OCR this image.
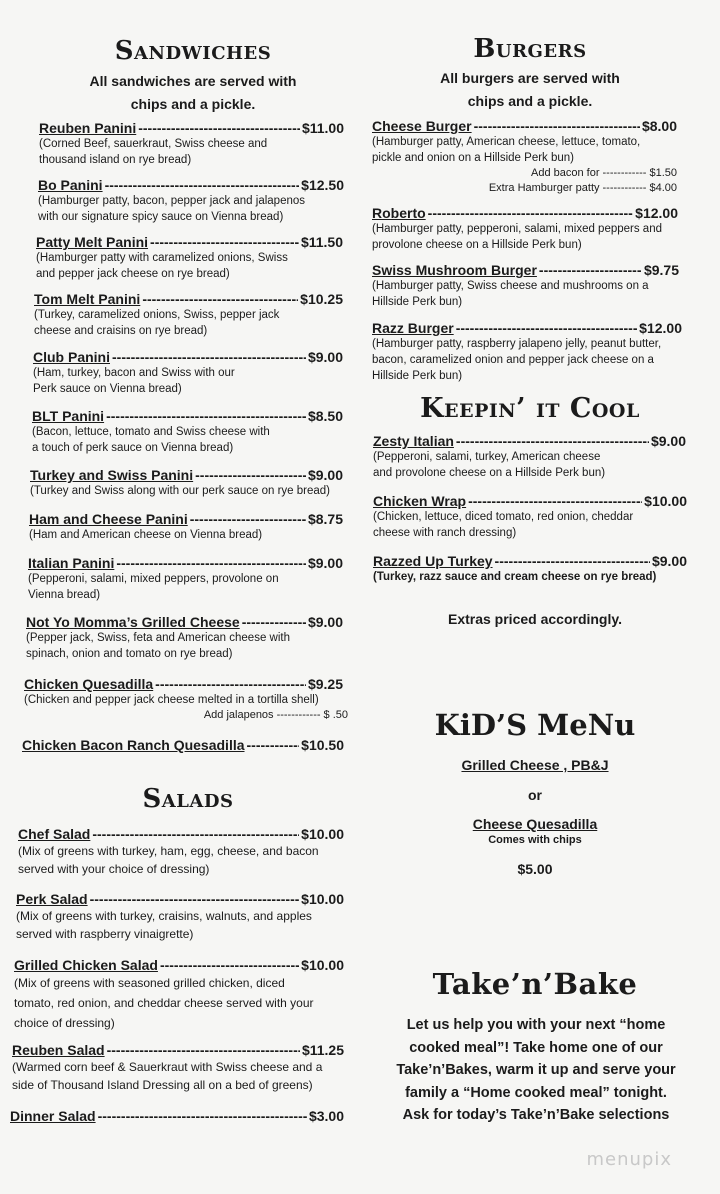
Sandwiches
All sandwiches are served with
chips and a pickle.
Reuben Panini -----	$11.00
(Corned Beef, sauerkraut, Swiss cheese and
thousand island on rye bread)
Bo Panini -----	$12.50
(Hamburger patty, bacon, pepper jack and jalapenos
with our signature spicy sauce on Vienna bread)
Patty Melt Panini -----	$11.50
(Hamburger patty with caramelized onions, Swiss
and pepper jack cheese on rye bread)
Tom Melt Panini -----	$10.25
(Turkey, caramelized onions, Swiss, pepper jack
cheese and craisins on rye bread)
Club Panini -----	$9.00
(Ham, turkey, bacon and Swiss with our
Perk sauce on Vienna bread)
BLT Panini -----	$8.50
(Bacon, lettuce, tomato and Swiss cheese with
a touch of perk sauce on Vienna bread)
Turkey and Swiss Panini -----	$9.00
(Turkey and Swiss along with our perk sauce on rye bread)
Ham and Cheese Panini -----	$8.75
(Ham and American cheese on Vienna bread)
Italian Panini -----	$9.00
(Pepperoni, salami, mixed peppers, provolone on
Vienna bread)
Not Yo Momma’s Grilled Cheese -----	$9.00
(Pepper jack, Swiss, feta and American cheese with
spinach, onion and tomato on rye bread)
Chicken Quesadilla -----	$9.25
(Chicken and pepper jack cheese melted in a tortilla shell)
Add jalapenos -----	$ .50
Chicken Bacon Ranch Quesadilla -----	$10.50
Salads
Chef Salad -----	$10.00
(Mix of greens with turkey, ham, egg, cheese, and bacon
served with your choice of dressing)
Perk Salad -----	$10.00
(Mix of greens with turkey, craisins, walnuts, and apples
served with raspberry vinaigrette)
Grilled Chicken Salad -----	$10.00
(Mix of greens with seasoned grilled chicken, diced
tomato, red onion, and cheddar cheese served with your
choice of dressing)
Reuben Salad -----	$11.25
(Warmed corn beef & Sauerkraut with Swiss cheese and a
side of Thousand Island Dressing all on a bed of greens)
Dinner Salad -----	$3.00
Burgers
All burgers are served with
chips and a pickle.
Cheese Burger -----	$8.00
(Hamburger patty, American cheese, lettuce, tomato,
pickle and onion on a Hillside Perk bun)
Add bacon for -----	$1.50
Extra Hamburger patty -----	$4.00
Roberto -----	$12.00
(Hamburger patty, pepperoni, salami, mixed peppers and
provolone cheese on a Hillside Perk bun)
Swiss Mushroom Burger -----	$9.75
(Hamburger patty, Swiss cheese and mushrooms on a
Hillside Perk bun)
Razz Burger -----	$12.00
(Hamburger patty, raspberry jalapeno jelly, peanut butter,
bacon, caramelized onion and pepper jack cheese on a
Hillside Perk bun)
Keepin’ it Cool
Zesty Italian -----	$9.00
(Pepperoni, salami, turkey, American cheese
and provolone cheese on a Hillside Perk bun)
Chicken Wrap -----	$10.00
(Chicken, lettuce, diced tomato, red onion, cheddar
cheese with ranch dressing)
Razzed Up Turkey -----	$9.00
(Turkey, razz sauce and cream cheese on rye bread)
Extras priced accordingly.
KiD’S MeNu
Grilled Cheese , PB&J
or
Cheese Quesadilla
Comes with chips
$5.00
Take’n’Bake
Let us help you with your next “home
cooked meal”! Take home one of our
Take’n’Bakes, warm it up and serve your
family a “Home cooked meal” tonight.
Ask for today’s Take’n’Bake selections
menupix
